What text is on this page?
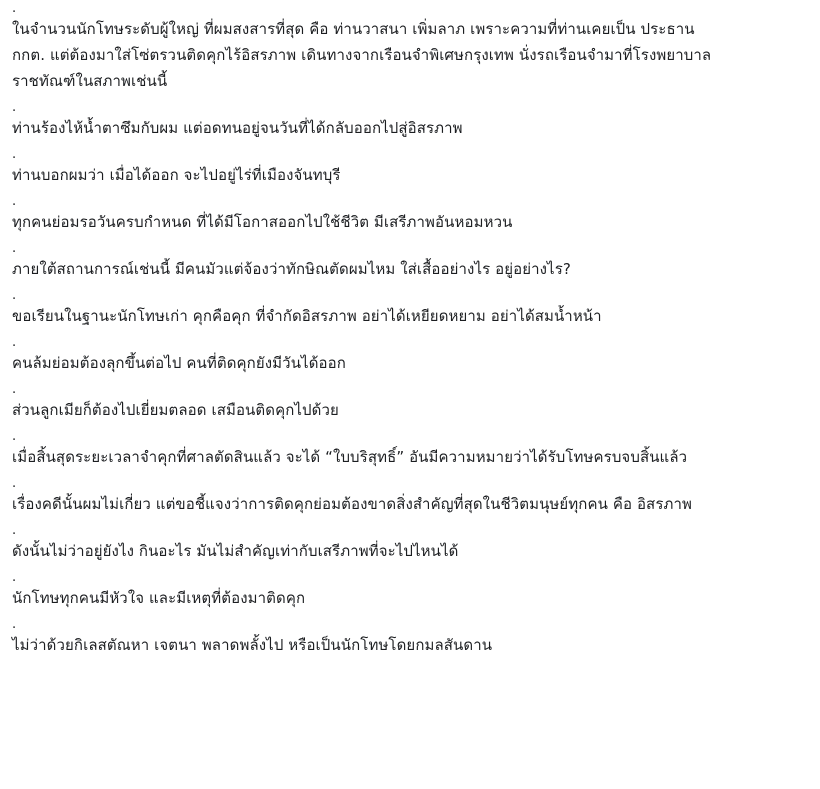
.
ในจำนวนนักโทษระดับผู้ใหญ่ ที่ผมสงสารที่สุด คือ ท่านวาสนา เพิ่มลาภ เพราะความที่ท่านเคยเป็น ประธาน
กกต. แต่ต้องมาใส่โซ่ตรวนติดคุกไร้อิสรภาพ เดินทางจากเรือนจำพิเศษกรุงเทพ นั่งรถเรือนจำมาที่โรงพยาบาล
ราชทัณฑ์ในสภาพเช่นนี้
.
ท่านร้องไห้น้ำตาซึมกับผม แต่อดทนอยู่จนวันที่ได้กลับออกไปสู่อิสรภาพ
.
ท่านบอกผมว่า เมื่อได้ออก จะไปอยู่ไร่ที่เมืองจันทบุรี
.
ทุกคนย่อมรอวันครบกำหนด ที่ได้มีโอกาสออกไปใช้ชีวิต มีเสรีภาพอันหอมหวน
.
ภายใต้สถานการณ์เช่นนี้ มีคนมัวแต่จ้องว่าทักษิณตัดผมไหม ใส่เสื้ออย่างไร อยู่อย่างไร?
.
ขอเรียนในฐานะนักโทษเก่า คุกคือคุก ที่จำกัดอิสรภาพ อย่าได้เหยียดหยาม อย่าได้สมน้ำหน้า
.
คนล้มย่อมต้องลุกขึ้นต่อไป คนที่ติดคุกยังมีวันได้ออก
.
ส่วนลูกเมียก็ต้องไปเยี่ยมตลอด เสมือนติดคุกไปด้วย
.
เมื่อสิ้นสุดระยะเวลาจำคุกที่ศาลตัดสินแล้ว จะได้ “ใบบริสุทธิ์” อันมีความหมายว่าได้รับโทษครบจบสิ้นแล้ว
.
เรื่องคดีนั้นผมไม่เกี่ยว แต่ขอชี้แจงว่าการติดคุกย่อมต้องขาดสิ่งสำคัญที่สุดในชีวิตมนุษย์ทุกคน คือ อิสรภาพ
.
ดังนั้นไม่ว่าอยู่ยังไง กินอะไร มันไม่สำคัญเท่ากับเสรีภาพที่จะไปไหนได้
.
นักโทษทุกคนมีหัวใจ และมีเหตุที่ต้องมาติดคุก
.
ไม่ว่าด้วยกิเลสตัณหา เจตนา พลาดพลั้งไป หรือเป็นนักโทษโดยกมลสันดาน
